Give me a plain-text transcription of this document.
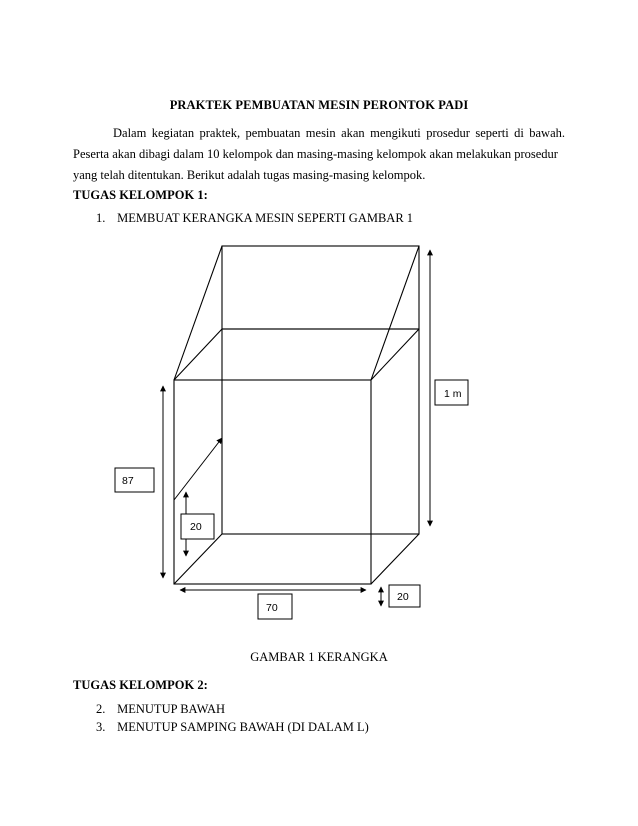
PRAKTEK PEMBUATAN MESIN PERONTOK PADI
Dalam kegiatan praktek, pembuatan mesin akan mengikuti prosedur seperti di bawah.
Peserta akan dibagi dalam 10 kelompok dan masing-masing kelompok akan melakukan prosedur
yang telah ditentukan. Berikut adalah tugas masing-masing kelompok.
TUGAS KELOMPOK 1:
1. MEMBUAT KERANGKA MESIN SEPERTI GAMBAR 1
1 m
87
20
20
70
GAMBAR 1 KERANGKA
TUGAS KELOMPOK 2:
2. MENUTUP BAWAH
3. MENUTUP SAMPING BAWAH (DI DALAM L)
